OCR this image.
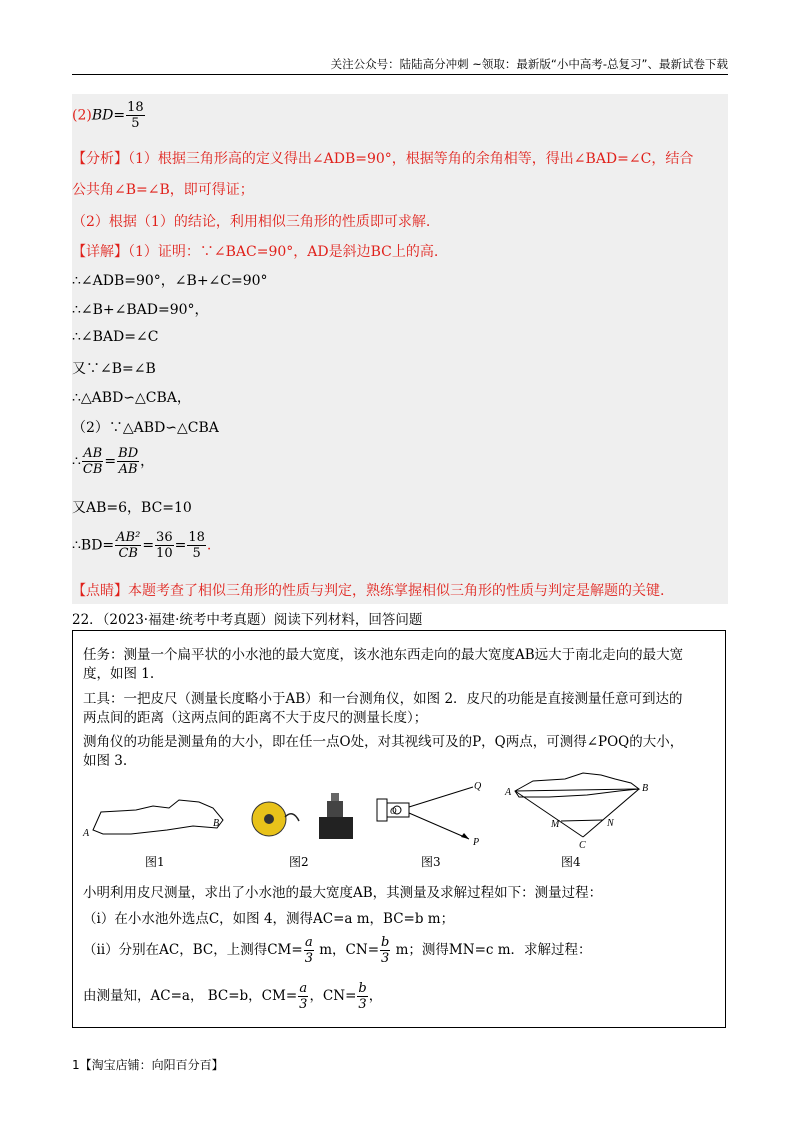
关注公众号：陆陆高分冲刺 ~领取：最新版“小中高考-总复习”、最新试卷下载
$(2)BD= \frac{18}{5}$
【分析】（1）根据三角形高的定义得出∠ADB=90°，根据等角的余角相等，得出∠BAD=∠C，结合
公共角∠B=∠B，即可得证；
（2）根据（1）的结论，利用相似三角形的性质即可求解.
【详解】（1）证明：∵∠BAC=90°，AD是斜边BC上的高.
∴∠ADB=90°，∠B+∠C=90°
∴∠B+∠BAD=90°，
∴∠BAD=∠C
又∵∠B=∠B
∴△ABD∽△CBA，
（2）∵△ABD∽△CBA
∴ $\frac{AB}{CB} = \frac{BD}{AB}$ ，
又AB=6，BC=10
∴BD= $\frac{\text{AB²}}{CB} = \frac{36}{10} = \frac{18}{5}$ .
【点睛】本题考查了相似三角形的性质与判定，熟练掌握相似三角形的性质与判定是解题的关键.
22．（2023·福建·统考中考真题）阅读下列材料，回答问题
任务：测量一个扁平状的小水池的最大宽度，该水池东西走向的最大宽度AB远大于南北走向的最大宽
度，如图 1.
工具：一把皮尺（测量长度略小于AB）和一台测角仪，如图 2．皮尺的功能是直接测量任意可到达的
两点间的距离（这两点间的距离不大于皮尺的测量长度）；
测角仪的功能是测量角的大小，即在任一点O处，对其视线可及的P，Q两点，可测得∠POQ的大小，
如图 3.
A
B
图1	图2
O
Q
P
图3
A	B
C
M	N
图4
小明利用皮尺测量，求出了小水池的最大宽度AB，其测量及求解过程如下：测量过程：
（ⅰ）在小水池外选点C，如图 4，测得AC=a m，BC=b m；
（ⅱ）分别在AC，BC，上测得$CM= \frac{a}{3}$ m，$CN= \frac{b}{3}$ m；测得MN=c m．求解过程：
由测量知，AC=a， BC=b，$CM= \frac{a}{3}$ ，$CN= \frac{b}{3}$ ，
1【淘宝店铺：向阳百分百】
